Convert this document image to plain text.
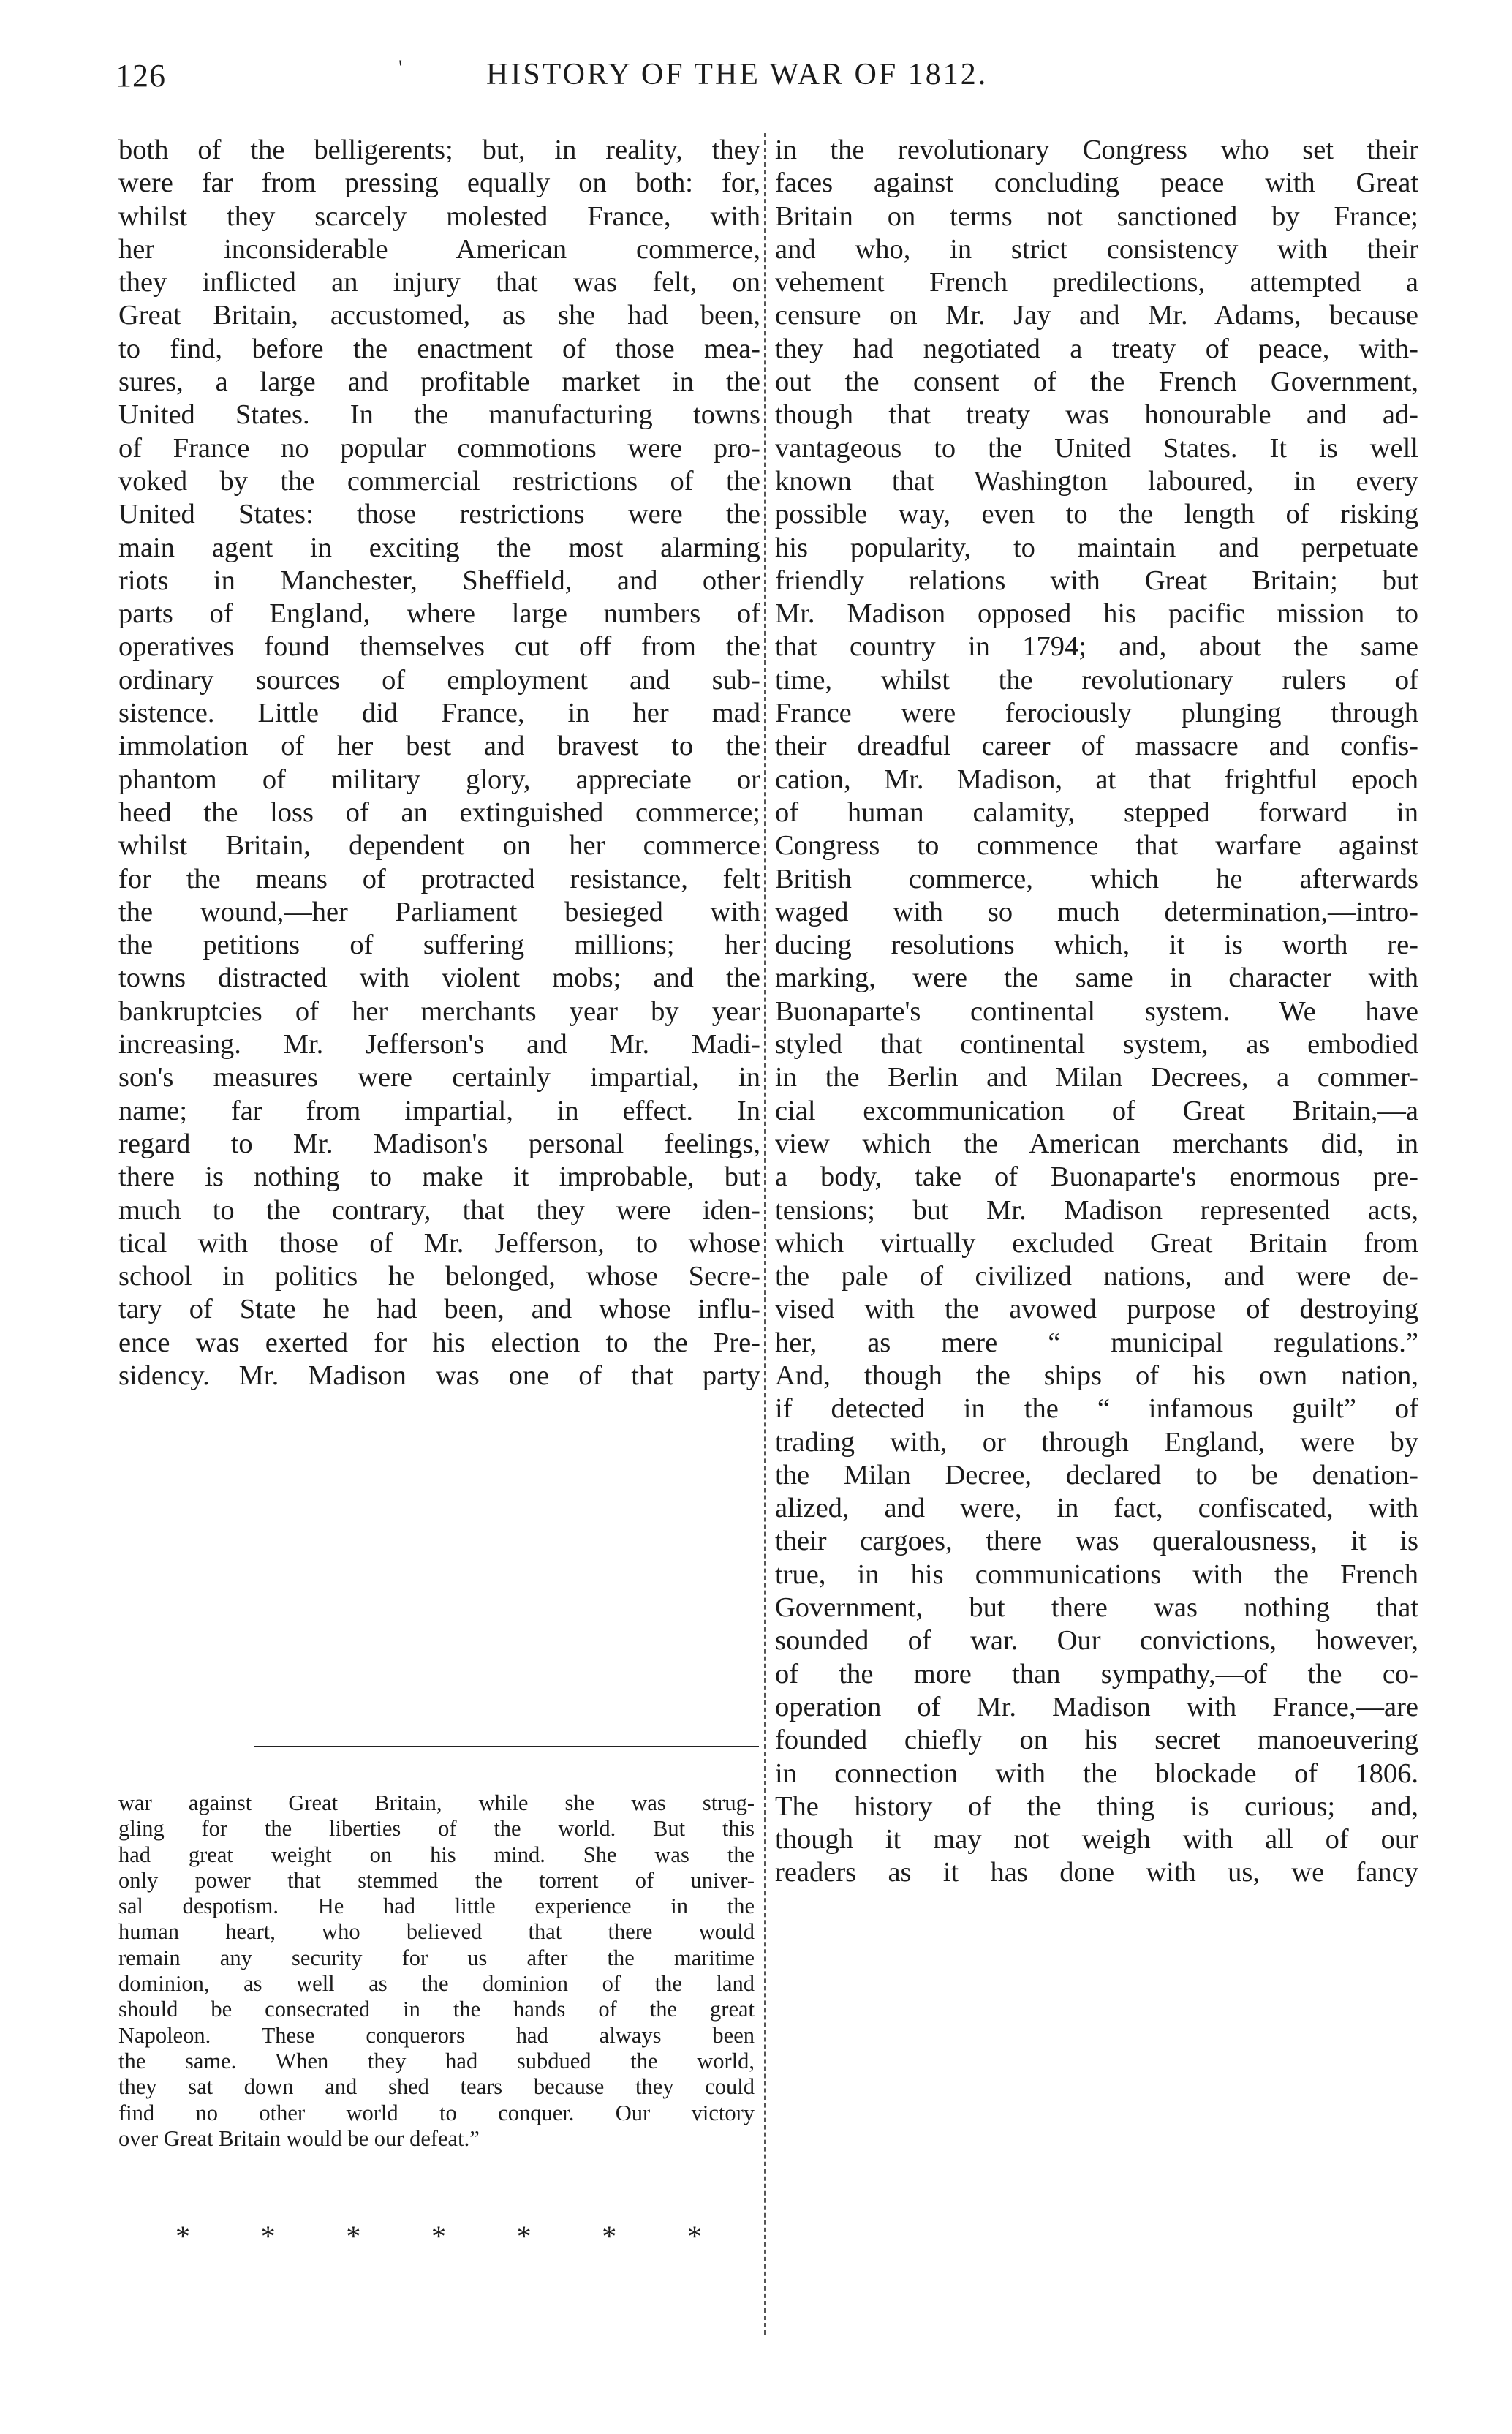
126	'	HISTORY OF THE WAR OF 1812.
both of the belligerents; but, in reality, they
were far from pressing equally on both: for,
whilst they scarcely molested France, with
her inconsiderable American commerce,
they inflicted an injury that was felt, on
Great Britain, accustomed, as she had been,
to find, before the enactment of those mea-
sures, a large and profitable market in the
United States. In the manufacturing towns
of France no popular commotions were pro-
voked by the commercial restrictions of the
United States: those restrictions were the
main agent in exciting the most alarming
riots in Manchester, Sheffield, and other
parts of England, where large numbers of
operatives found themselves cut off from the
ordinary sources of employment and sub-
sistence. Little did France, in her mad
immolation of her best and bravest to the
phantom of military glory, appreciate or
heed the loss of an extinguished commerce;
whilst Britain, dependent on her commerce
for the means of protracted resistance, felt
the wound,—her Parliament besieged with
the petitions of suffering millions; her
towns distracted with violent mobs; and the
bankruptcies of her merchants year by year
increasing. Mr. Jefferson's and Mr. Madi-
son's measures were certainly impartial, in
name; far from impartial, in effect. In
regard to Mr. Madison's personal feelings,
there is nothing to make it improbable, but
much to the contrary, that they were iden-
tical with those of Mr. Jefferson, to whose
school in politics he belonged, whose Secre-
tary of State he had been, and whose influ-
ence was exerted for his election to the Pre-
sidency. Mr. Madison was one of that party
in the revolutionary Congress who set their
faces against concluding peace with Great
Britain on terms not sanctioned by France;
and who, in strict consistency with their
vehement French predilections, attempted a
censure on Mr. Jay and Mr. Adams, because
they had negotiated a treaty of peace, with-
out the consent of the French Government,
though that treaty was honourable and ad-
vantageous to the United States. It is well
known that Washington laboured, in every
possible way, even to the length of risking
his popularity, to maintain and perpetuate
friendly relations with Great Britain; but
Mr. Madison opposed his pacific mission to
that country in 1794; and, about the same
time, whilst the revolutionary rulers of
France were ferociously plunging through
their dreadful career of massacre and confis-
cation, Mr. Madison, at that frightful epoch
of human calamity, stepped forward in
Congress to commence that warfare against
British commerce, which he afterwards
waged with so much determination,—intro-
ducing resolutions which, it is worth re-
marking, were the same in character with
Buonaparte's continental system. We have
styled that continental system, as embodied
in the Berlin and Milan Decrees, a commer-
cial excommunication of Great Britain,—a
view which the American merchants did, in
a body, take of Buonaparte's enormous pre-
tensions; but Mr. Madison represented acts,
which virtually excluded Great Britain from
the pale of civilized nations, and were de-
vised with the avowed purpose of destroying
her, as mere “ municipal regulations.”
And, though the ships of his own nation,
if detected in the “ infamous guilt” of
trading with, or through England, were by
the Milan Decree, declared to be denation-
alized, and were, in fact, confiscated, with
their cargoes, there was queralousness, it is
true, in his communications with the French
Government, but there was nothing that
sounded of war. Our convictions, however,
of the more than sympathy,—of the co-
operation of Mr. Madison with France,—are
founded chiefly on his secret manoeuvering
in connection with the blockade of 1806.
The history of the thing is curious; and,
though it may not weigh with all of our
readers as it has done with us, we fancy
war against Great Britain, while she was strug-
gling for the liberties of the world. But this
had great weight on his mind. She was the
only power that stemmed the torrent of univer-
sal despotism. He had little experience in the
human heart, who believed that there would
remain any security for us after the maritime
dominion, as well as the dominion of the land
should be consecrated in the hands of the great
Napoleon. These conquerors had always been
the same. When they had subdued the world,
they sat down and shed tears because they could
find no other world to conquer. Our victory
over Great Britain would be our defeat.”
* * * * * * *
